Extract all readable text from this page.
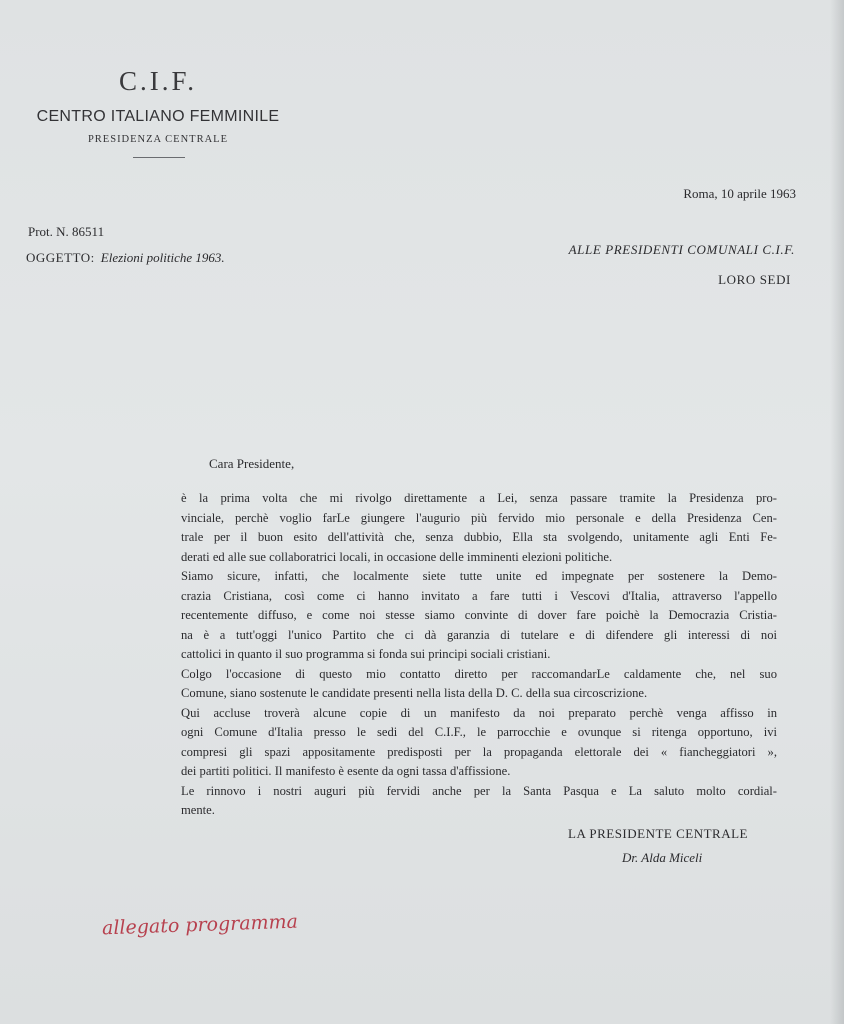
C.I.F.
CENTRO ITALIANO FEMMINILE
PRESIDENZA CENTRALE
Roma, 10 aprile 1963
Prot. N. 86511
OGGETTO: Elezioni politiche 1963.
ALLE PRESIDENTI COMUNALI C.I.F.
LORO SEDI
Cara Presidente,
è la prima volta che mi rivolgo direttamente a Lei, senza passare tramite la Presidenza pro-
vinciale, perchè voglio farLe giungere l'augurio più fervido mio personale e della Presidenza Cen-
trale per il buon esito dell'attività che, senza dubbio, Ella sta svolgendo, unitamente agli Enti Fe-
derati ed alle sue collaboratrici locali, in occasione delle imminenti elezioni politiche.
Siamo sicure, infatti, che localmente siete tutte unite ed impegnate per sostenere la Demo-
crazia Cristiana, così come ci hanno invitato a fare tutti i Vescovi d'Italia, attraverso l'appello
recentemente diffuso, e come noi stesse siamo convinte di dover fare poichè la Democrazia Cristia-
na è a tutt'oggi l'unico Partito che ci dà garanzia di tutelare e di difendere gli interessi di noi
cattolici in quanto il suo programma si fonda sui principi sociali cristiani.
Colgo l'occasione di questo mio contatto diretto per raccomandarLe caldamente che, nel suo
Comune, siano sostenute le candidate presenti nella lista della D. C. della sua circoscrizione.
Qui accluse troverà alcune copie di un manifesto da noi preparato perchè venga affisso in
ogni Comune d'Italia presso le sedi del C.I.F., le parrocchie e ovunque si ritenga opportuno, ivi
compresi gli spazi appositamente predisposti per la propaganda elettorale dei « fiancheggiatori »,
dei partiti politici. Il manifesto è esente da ogni tassa d'affissione.
Le rinnovo i nostri auguri più fervidi anche per la Santa Pasqua e La saluto molto cordial-
mente.
LA PRESIDENTE CENTRALE
Dr. Alda Miceli
allegato programma
